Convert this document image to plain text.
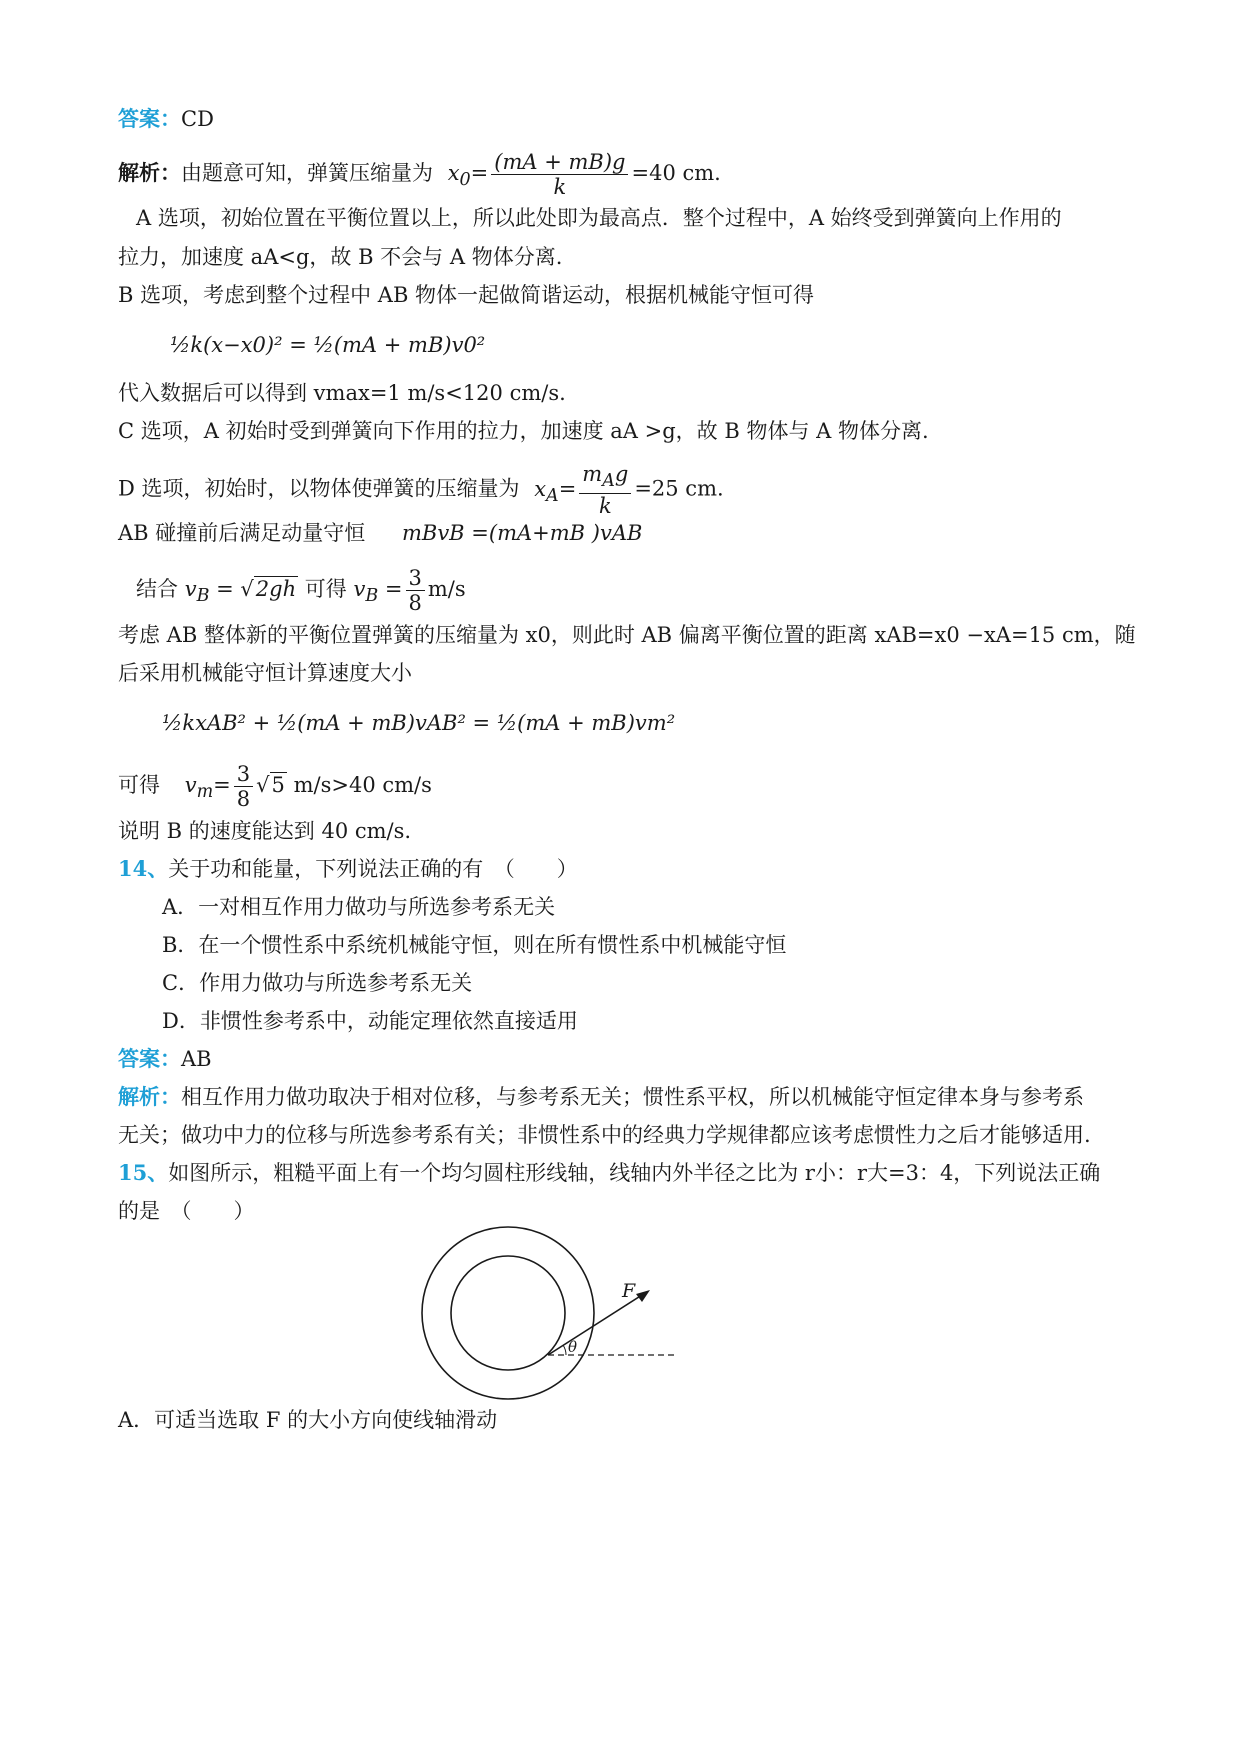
答案：CD
解析：由题意可知，弹簧压缩量为 $x_0= \frac{(mA + mB)g}{k} =40$ cm.
A 选项，初始位置在平衡位置以上，所以此处即为最高点．整个过程中，A 始终受到弹簧向上作用的
拉力，加速度 aA<g，故 B 不会与 A 物体分离.
B 选项，考虑到整个过程中 AB 物体一起做简谐运动，根据机械能守恒可得
½k(x−x0)² = ½(mA + mB)v0²
代入数据后可以得到 vmax=1 m/s<120 cm/s.
C 选项，A 初始时受到弹簧向下作用的拉力，加速度 aA >g，故 B 物体与 A 物体分离.
D 选项，初始时，以物体使弹簧的压缩量为 $x_A= \frac{m_Ag}{k} =25$ cm.
AB 碰撞前后满足动量守恒 mBvB =(mA+mB )vAB
结合 $v_B = √2gh$ 可得 $v_B = \frac{3}{8} m/s$
考虑 AB 整体新的平衡位置弹簧的压缩量为 x0，则此时 AB 偏离平衡位置的距离 xAB=x0 −xA=15 cm，随
后采用机械能守恒计算速度大小
½kxAB² + ½(mA + mB)vAB² = ½(mA + mB)vm²
可得 $v_m= \frac{3}{8} √5$ m/s>40 cm/s
说明 B 的速度能达到 40 cm/s.
14、关于功和能量，下列说法正确的有　（　　）
A．一对相互作用力做功与所选参考系无关
B．在一个惯性系中系统机械能守恒，则在所有惯性系中机械能守恒
C．作用力做功与所选参考系无关
D．非惯性参考系中，动能定理依然直接适用
答案：AB
解析：相互作用力做功取决于相对位移，与参考系无关；惯性系平权，所以机械能守恒定律本身与参考系
无关；做功中力的位移与所选参考系有关；非惯性系中的经典力学规律都应该考虑惯性力之后才能够适用.
15、如图所示，粗糙平面上有一个均匀圆柱形线轴，线轴内外半径之比为 r小：r大=3：4，下列说法正确
的是　（　　）
A．可适当选取 F 的大小方向使线轴滑动
F
θ
